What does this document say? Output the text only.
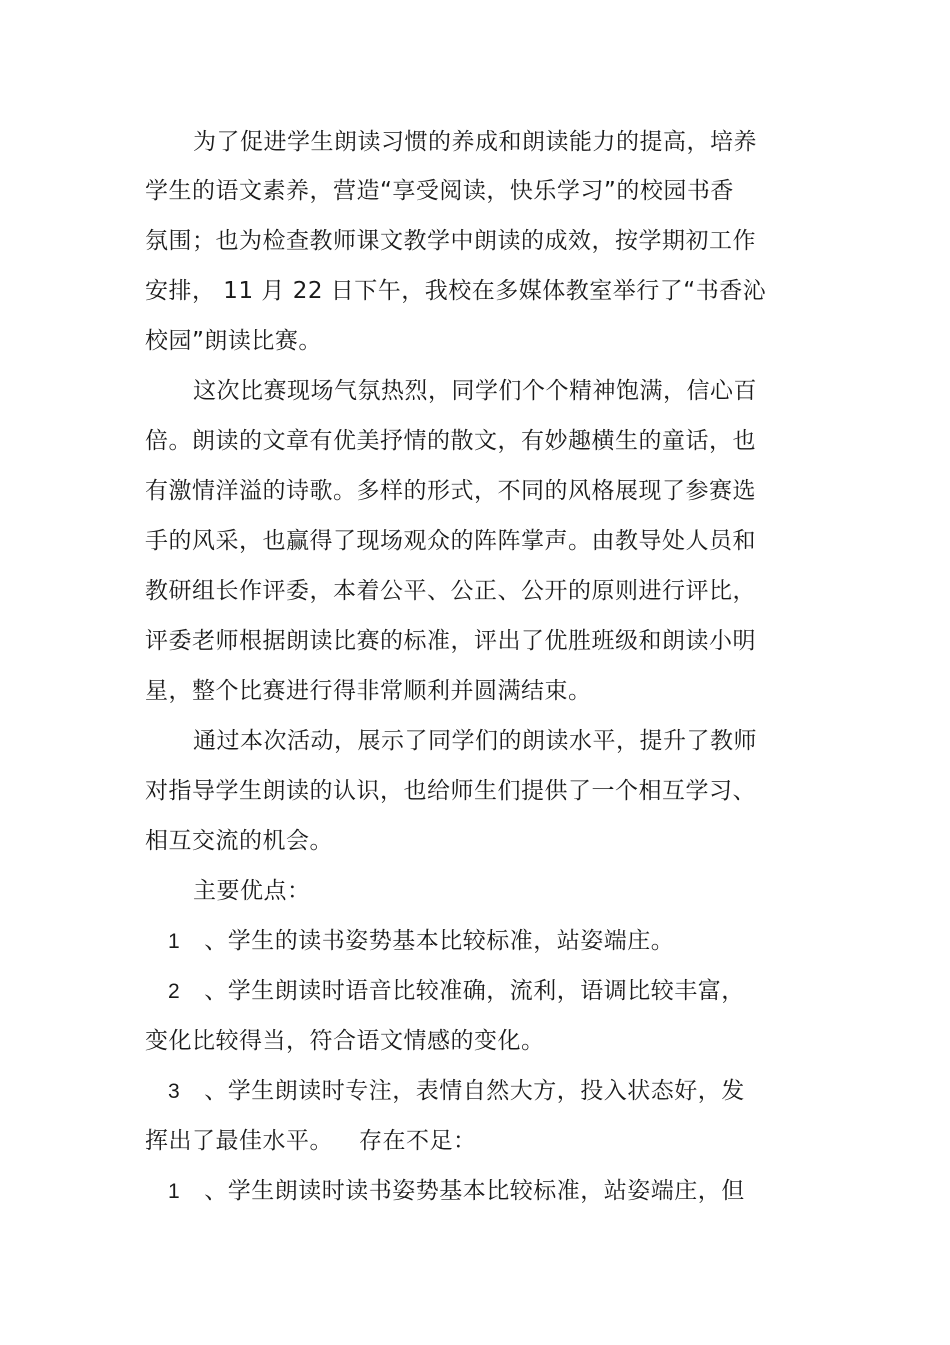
为了促进学生朗读习惯的养成和朗读能力的提高，培养
学生的语文素养，营造“享受阅读，快乐学习”的校园书香
氛围；也为检查教师课文教学中朗读的成效，按学期初工作
安排， 11 月 22 日下午，我校在多媒体教室举行了“书香沁
校园”朗读比赛。
这次比赛现场气氛热烈，同学们个个精神饱满，信心百
倍。朗读的文章有优美抒情的散文，有妙趣横生的童话，也
有激情洋溢的诗歌。多样的形式，不同的风格展现了参赛选
手的风采，也赢得了现场观众的阵阵掌声。由教导处人员和
教研组长作评委，本着公平、公正、公开的原则进行评比，
评委老师根据朗读比赛的标准，评出了优胜班级和朗读小明
星，整个比赛进行得非常顺利并圆满结束。
通过本次活动，展示了同学们的朗读水平，提升了教师
对指导学生朗读的认识，也给师生们提供了一个相互学习、
相互交流的机会。
主要优点：
1 、学生的读书姿势基本比较标准，站姿端庄。
2 、学生朗读时语音比较准确，流利，语调比较丰富，
变化比较得当，符合语文情感的变化。
3 、学生朗读时专注，表情自然大方，投入状态好，发
挥出了最佳水平。 存在不足：
1 、学生朗读时读书姿势基本比较标准，站姿端庄，但
